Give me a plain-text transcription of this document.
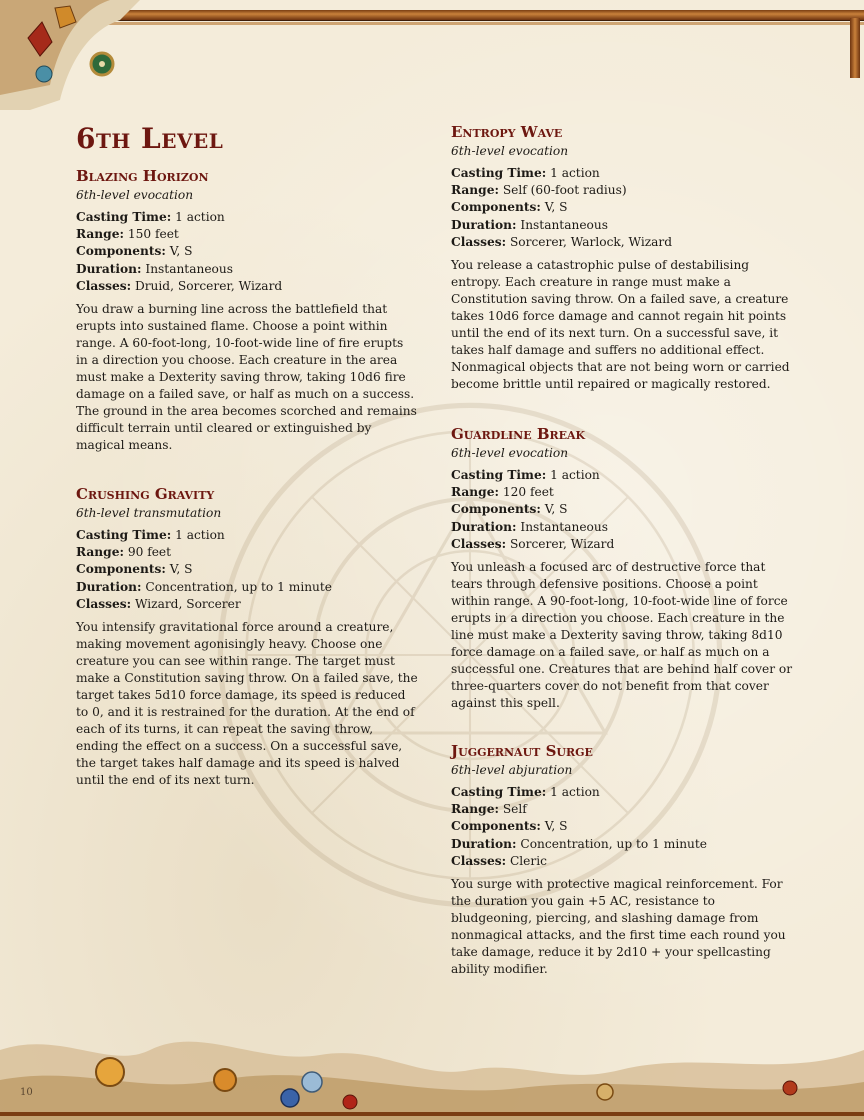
10
6th Level
Blazing Horizon

6th-level evocation

Casting Time: 1 action
Range: 150 feet
Components: V, S
Duration: Instantaneous
Classes: Druid, Sorcerer, Wizard

You draw a burning line across the battlefield that erupts into sustained flame. Choose a point within range. A 60-foot-long, 10-foot-wide line of fire erupts in a direction you choose. Each creature in the area must make a Dexterity saving throw, taking 10d6 fire damage on a failed save, or half as much on a success. The ground in the area becomes scorched and remains difficult terrain until cleared or extinguished by magical means.

Crushing Gravity

6th-level transmutation

Casting Time: 1 action
Range: 90 feet
Components: V, S
Duration: Concentration, up to 1 minute
Classes: Wizard, Sorcerer

You intensify gravitational force around a creature, making movement agonisingly heavy. Choose one creature you can see within range. The target must make a Constitution saving throw. On a failed save, the target takes 5d10 force damage, its speed is reduced to 0, and it is restrained for the duration. At the end of each of its turns, it can repeat the saving throw, ending the effect on a success. On a successful save, the target takes half damage and its speed is halved until the end of its next turn.

Entropy Wave

6th-level evocation

Casting Time: 1 action
Range: Self (60-foot radius)
Components: V, S
Duration: Instantaneous
Classes: Sorcerer, Warlock, Wizard

You release a catastrophic pulse of destabilising entropy. Each creature in range must make a Constitution saving throw. On a failed save, a creature takes 10d6 force damage and cannot regain hit points until the end of its next turn. On a successful save, it takes half damage and suffers no additional effect. Nonmagical objects that are not being worn or carried become brittle until repaired or magically restored.

Guardline Break

6th-level evocation

Casting Time: 1 action
Range: 120 feet
Components: V, S
Duration: Instantaneous
Classes: Sorcerer, Wizard

You unleash a focused arc of destructive force that tears through defensive positions. Choose a point within range. A 90-foot-long, 10-foot-wide line of force erupts in a direction you choose. Each creature in the line must make a Dexterity saving throw, taking 8d10 force damage on a failed save, or half as much on a successful one. Creatures that are behind half cover or three-quarters cover do not benefit from that cover against this spell.

Juggernaut Surge

6th-level abjuration

Casting Time: 1 action
Range: Self
Components: V, S
Duration: Concentration, up to 1 minute
Classes: Cleric

You surge with protective magical reinforcement. For the duration you gain +5 AC, resistance to bludgeoning, piercing, and slashing damage from nonmagical attacks, and the first time each round you take damage, reduce it by 2d10 + your spellcasting ability modifier.
